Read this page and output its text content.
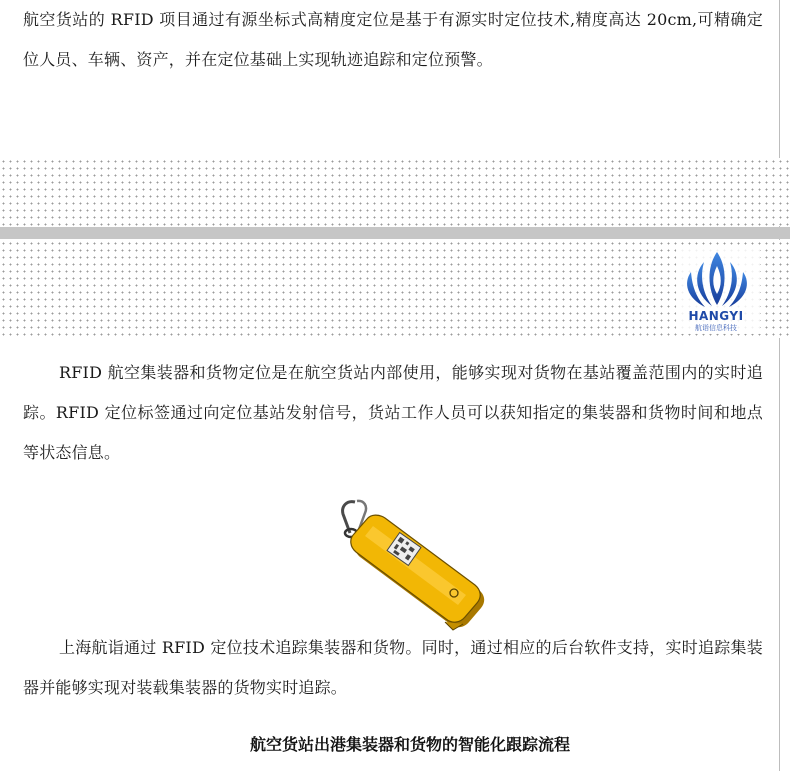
航空货站的 RFID 项目通过有源坐标式高精度定位是基于有源实时定位技术,精度高达 20cm,可精确定位人员、车辆、资产，并在定位基础上实现轨迹追踪和定位预警。

HANGYI
航诣信息科技

RFID 航空集装器和货物定位是在航空货站内部使用，能够实现对货物在基站覆盖范围内的实时追踪。RFID 定位标签通过向定位基站发射信号，货站工作人员可以获知指定的集装器和货物时间和地点等状态信息。

上海航诣通过 RFID 定位技术追踪集装器和货物。同时，通过相应的后台软件支持，实时追踪集装器并能够实现对装载集装器的货物实时追踪。

航空货站出港集装器和货物的智能化跟踪流程
